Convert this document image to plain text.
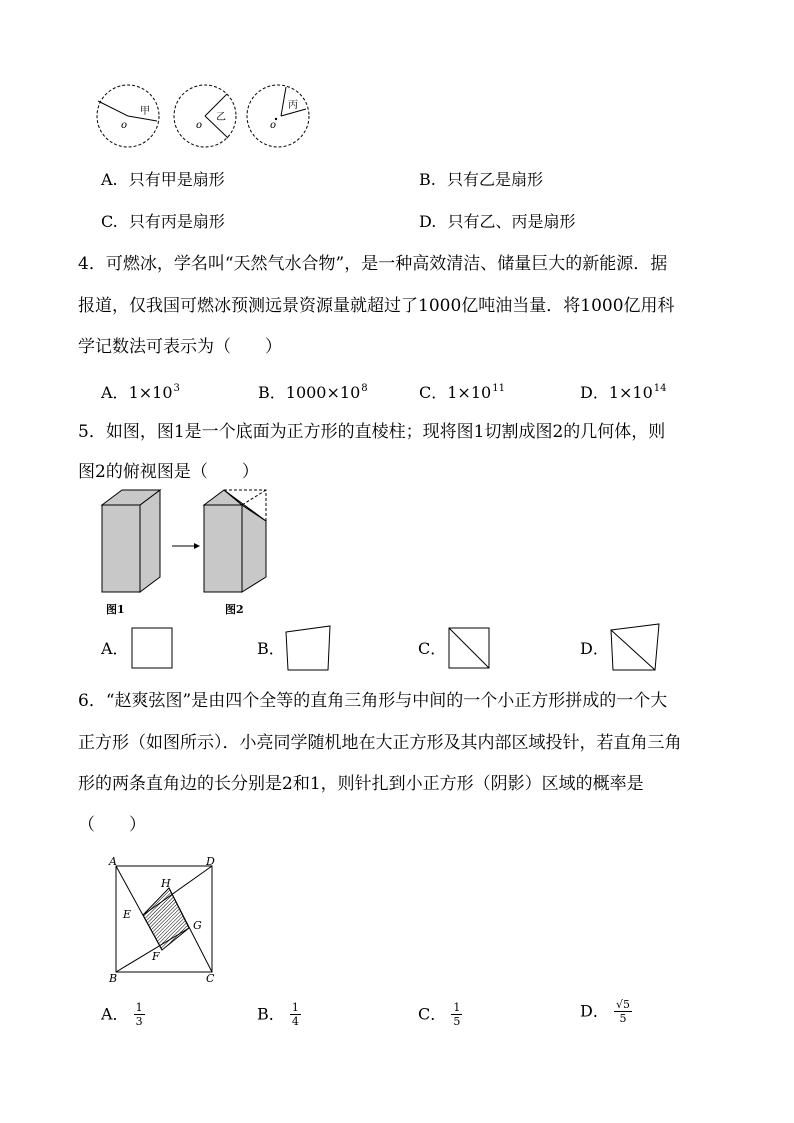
甲
o
乙
o
丙
o
A. 只有甲是扇形	B. 只有乙是扇形
C. 只有丙是扇形	D. 只有乙、丙是扇形
4．可燃冰，学名叫“天然气水合物”，是一种高效清洁、储量巨大的新能源．据
报道，仅我国可燃冰预测远景资源量就超过了1000亿吨油当量．将1000亿用科
学记数法可表示为（　　）
A．$1\times 10^3$	B．$1000\times 10^8$	C．$1\times 10^{11}$	D．$1\times 10^{14}$
5．如图，图1是一个底面为正方形的直棱柱；现将图1切割成图2的几何体，则
图2的俯视图是（　　）
图1	图2
A．	B．	C．	D．
6．“赵爽弦图”是由四个全等的直角三角形与中间的一个小正方形拼成的一个大
正方形（如图所示）．小亮同学随机地在大正方形及其内部区域投针，若直角三角
形的两条直角边的长分别是2和1，则针扎到小正方形（阴影）区域的概率是
（　　）
A	D
B	C
H
E
G
F
A． $\frac{1}{3}$	B． $\frac{1}{4}$	C． $\frac{1}{5}$	D． $\frac{√5}{5}$
